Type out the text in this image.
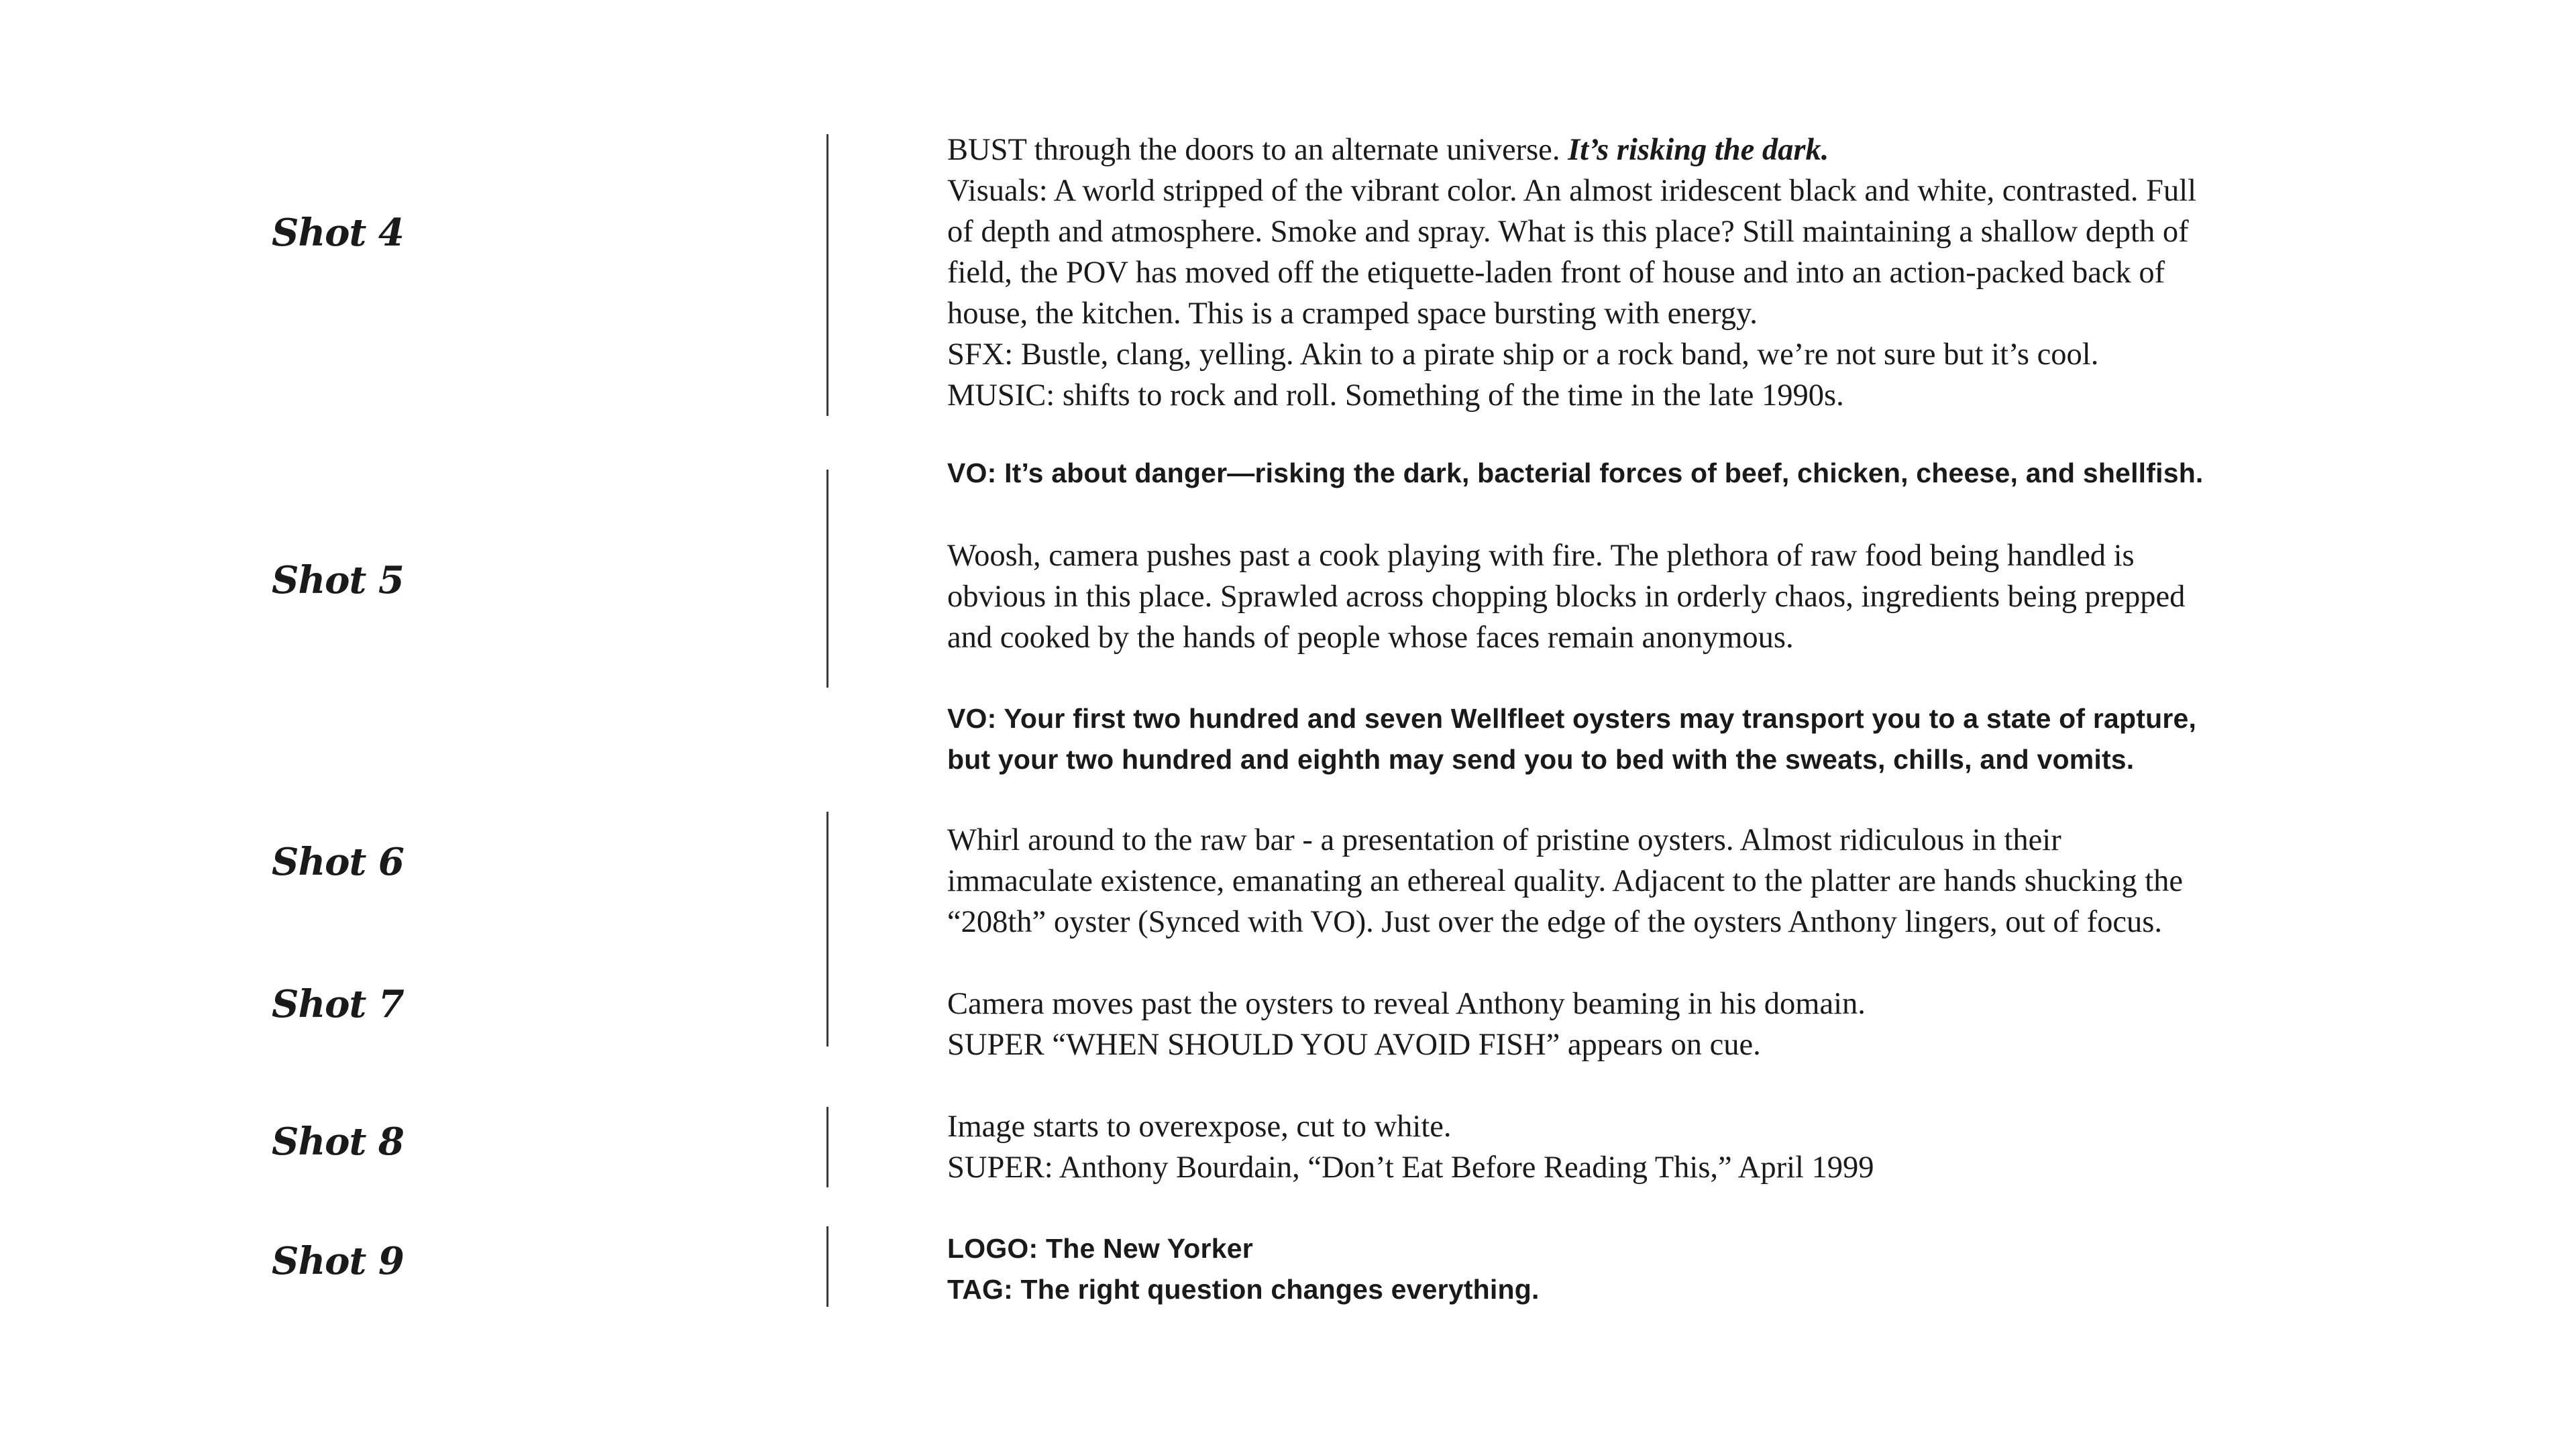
Shot 4
Shot 5
Shot 6
Shot 7
Shot 8
Shot 9
BUST through the doors to an alternate universe. It’s risking the dark.
Visuals: A world stripped of the vibrant color. An almost iridescent black and white, contrasted. Full
of depth and atmosphere. Smoke and spray. What is this place? Still maintaining a shallow depth of
field, the POV has moved off the etiquette-laden front of house and into an action-packed back of
house, the kitchen. This is a cramped space bursting with energy.
SFX: Bustle, clang, yelling. Akin to a pirate ship or a rock band, we’re not sure but it’s cool.
MUSIC: shifts to rock and roll. Something of the time in the late 1990s.
VO: It’s about danger—risking the dark, bacterial forces of beef, chicken, cheese, and shellfish.
Woosh, camera pushes past a cook playing with fire. The plethora of raw food being handled is
obvious in this place. Sprawled across chopping blocks in orderly chaos, ingredients being prepped
and cooked by the hands of people whose faces remain anonymous.
VO: Your first two hundred and seven Wellfleet oysters may transport you to a state of rapture,
but your two hundred and eighth may send you to bed with the sweats, chills, and vomits.
Whirl around to the raw bar - a presentation of pristine oysters. Almost ridiculous in their
immaculate existence, emanating an ethereal quality. Adjacent to the platter are hands shucking the
“208th” oyster (Synced with VO). Just over the edge of the oysters Anthony lingers, out of focus.
Camera moves past the oysters to reveal Anthony beaming in his domain.
SUPER “WHEN SHOULD YOU AVOID FISH” appears on cue.
Image starts to overexpose, cut to white.
SUPER: Anthony Bourdain, “Don’t Eat Before Reading This,” April 1999
LOGO: The New Yorker
TAG: The right question changes everything.
